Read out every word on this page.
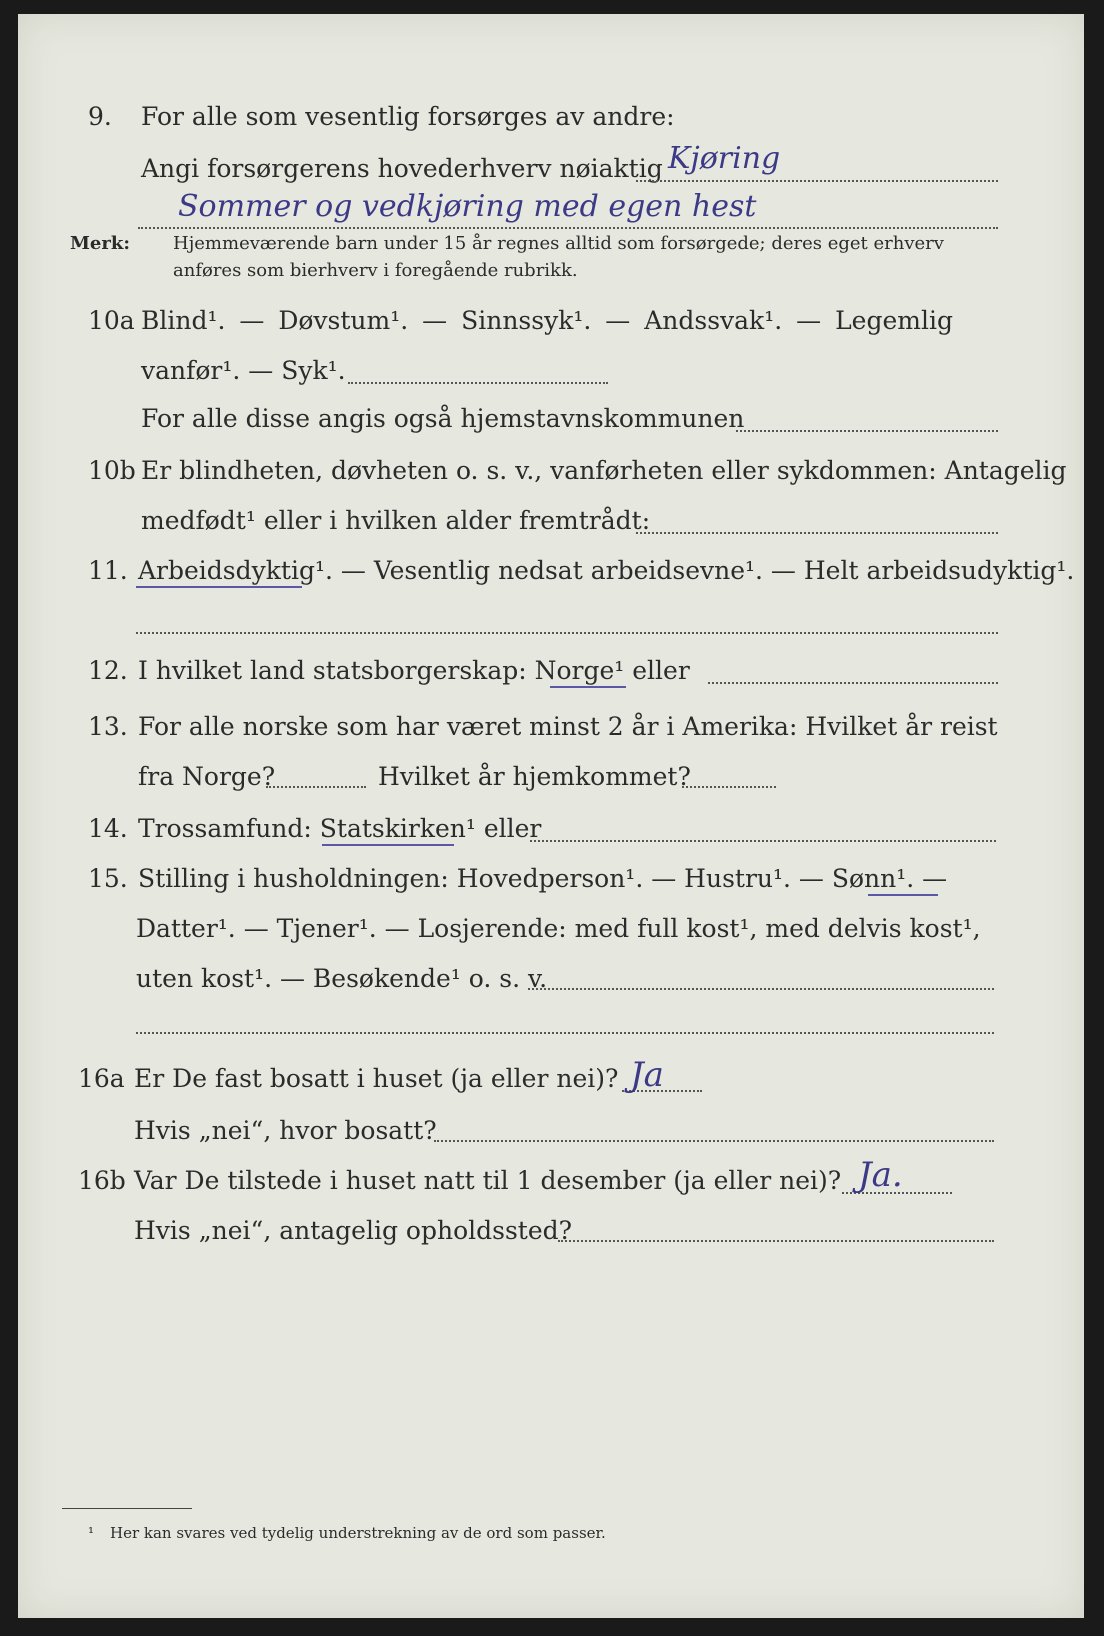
9. For alle som vesentlig forsørges av andre:
Angi forsørgerens hovederhverv nøiaktig Kjøring
Sommer og vedkjøring med egen hest
Merk: Hjemmeværende barn under 15 år regnes alltid som forsørgede; deres eget erhverv
anføres som bierhverv i foregående rubrikk.
10a Blind¹. — Døvstum¹. — Sinnssyk¹. — Andssvak¹. — Legemlig
vanfør¹. — Syk¹.
For alle disse angis også hjemstavnskommunen
10b Er blindheten, døvheten o. s. v., vanførheten eller sykdommen: Antagelig
medfødt¹ eller i hvilken alder fremtrådt:
11. Arbeidsdyktig¹. — Vesentlig nedsat arbeidsevne¹. — Helt arbeidsudyktig¹.
12. I hvilket land statsborgerskap: Norge¹ eller
13. For alle norske som har været minst 2 år i Amerika: Hvilket år reist
fra Norge?	Hvilket år hjemkommet?
14. Trossamfund: Statskirken¹ eller
15. Stilling i husholdningen: Hovedperson¹. — Hustru¹. — Sønn¹. —
Datter¹. — Tjener¹. — Losjerende: med full kost¹, med delvis kost¹,
uten kost¹. — Besøkende¹ o. s. v.
16a Er De fast bosatt i huset (ja eller nei)? Ja
Hvis „nei“, hvor bosatt?
16b Var De tilstede i huset natt til 1 desember (ja eller nei)? Ja.
Hvis „nei“, antagelig opholdssted?
¹ Her kan svares ved tydelig understrekning av de ord som passer.
